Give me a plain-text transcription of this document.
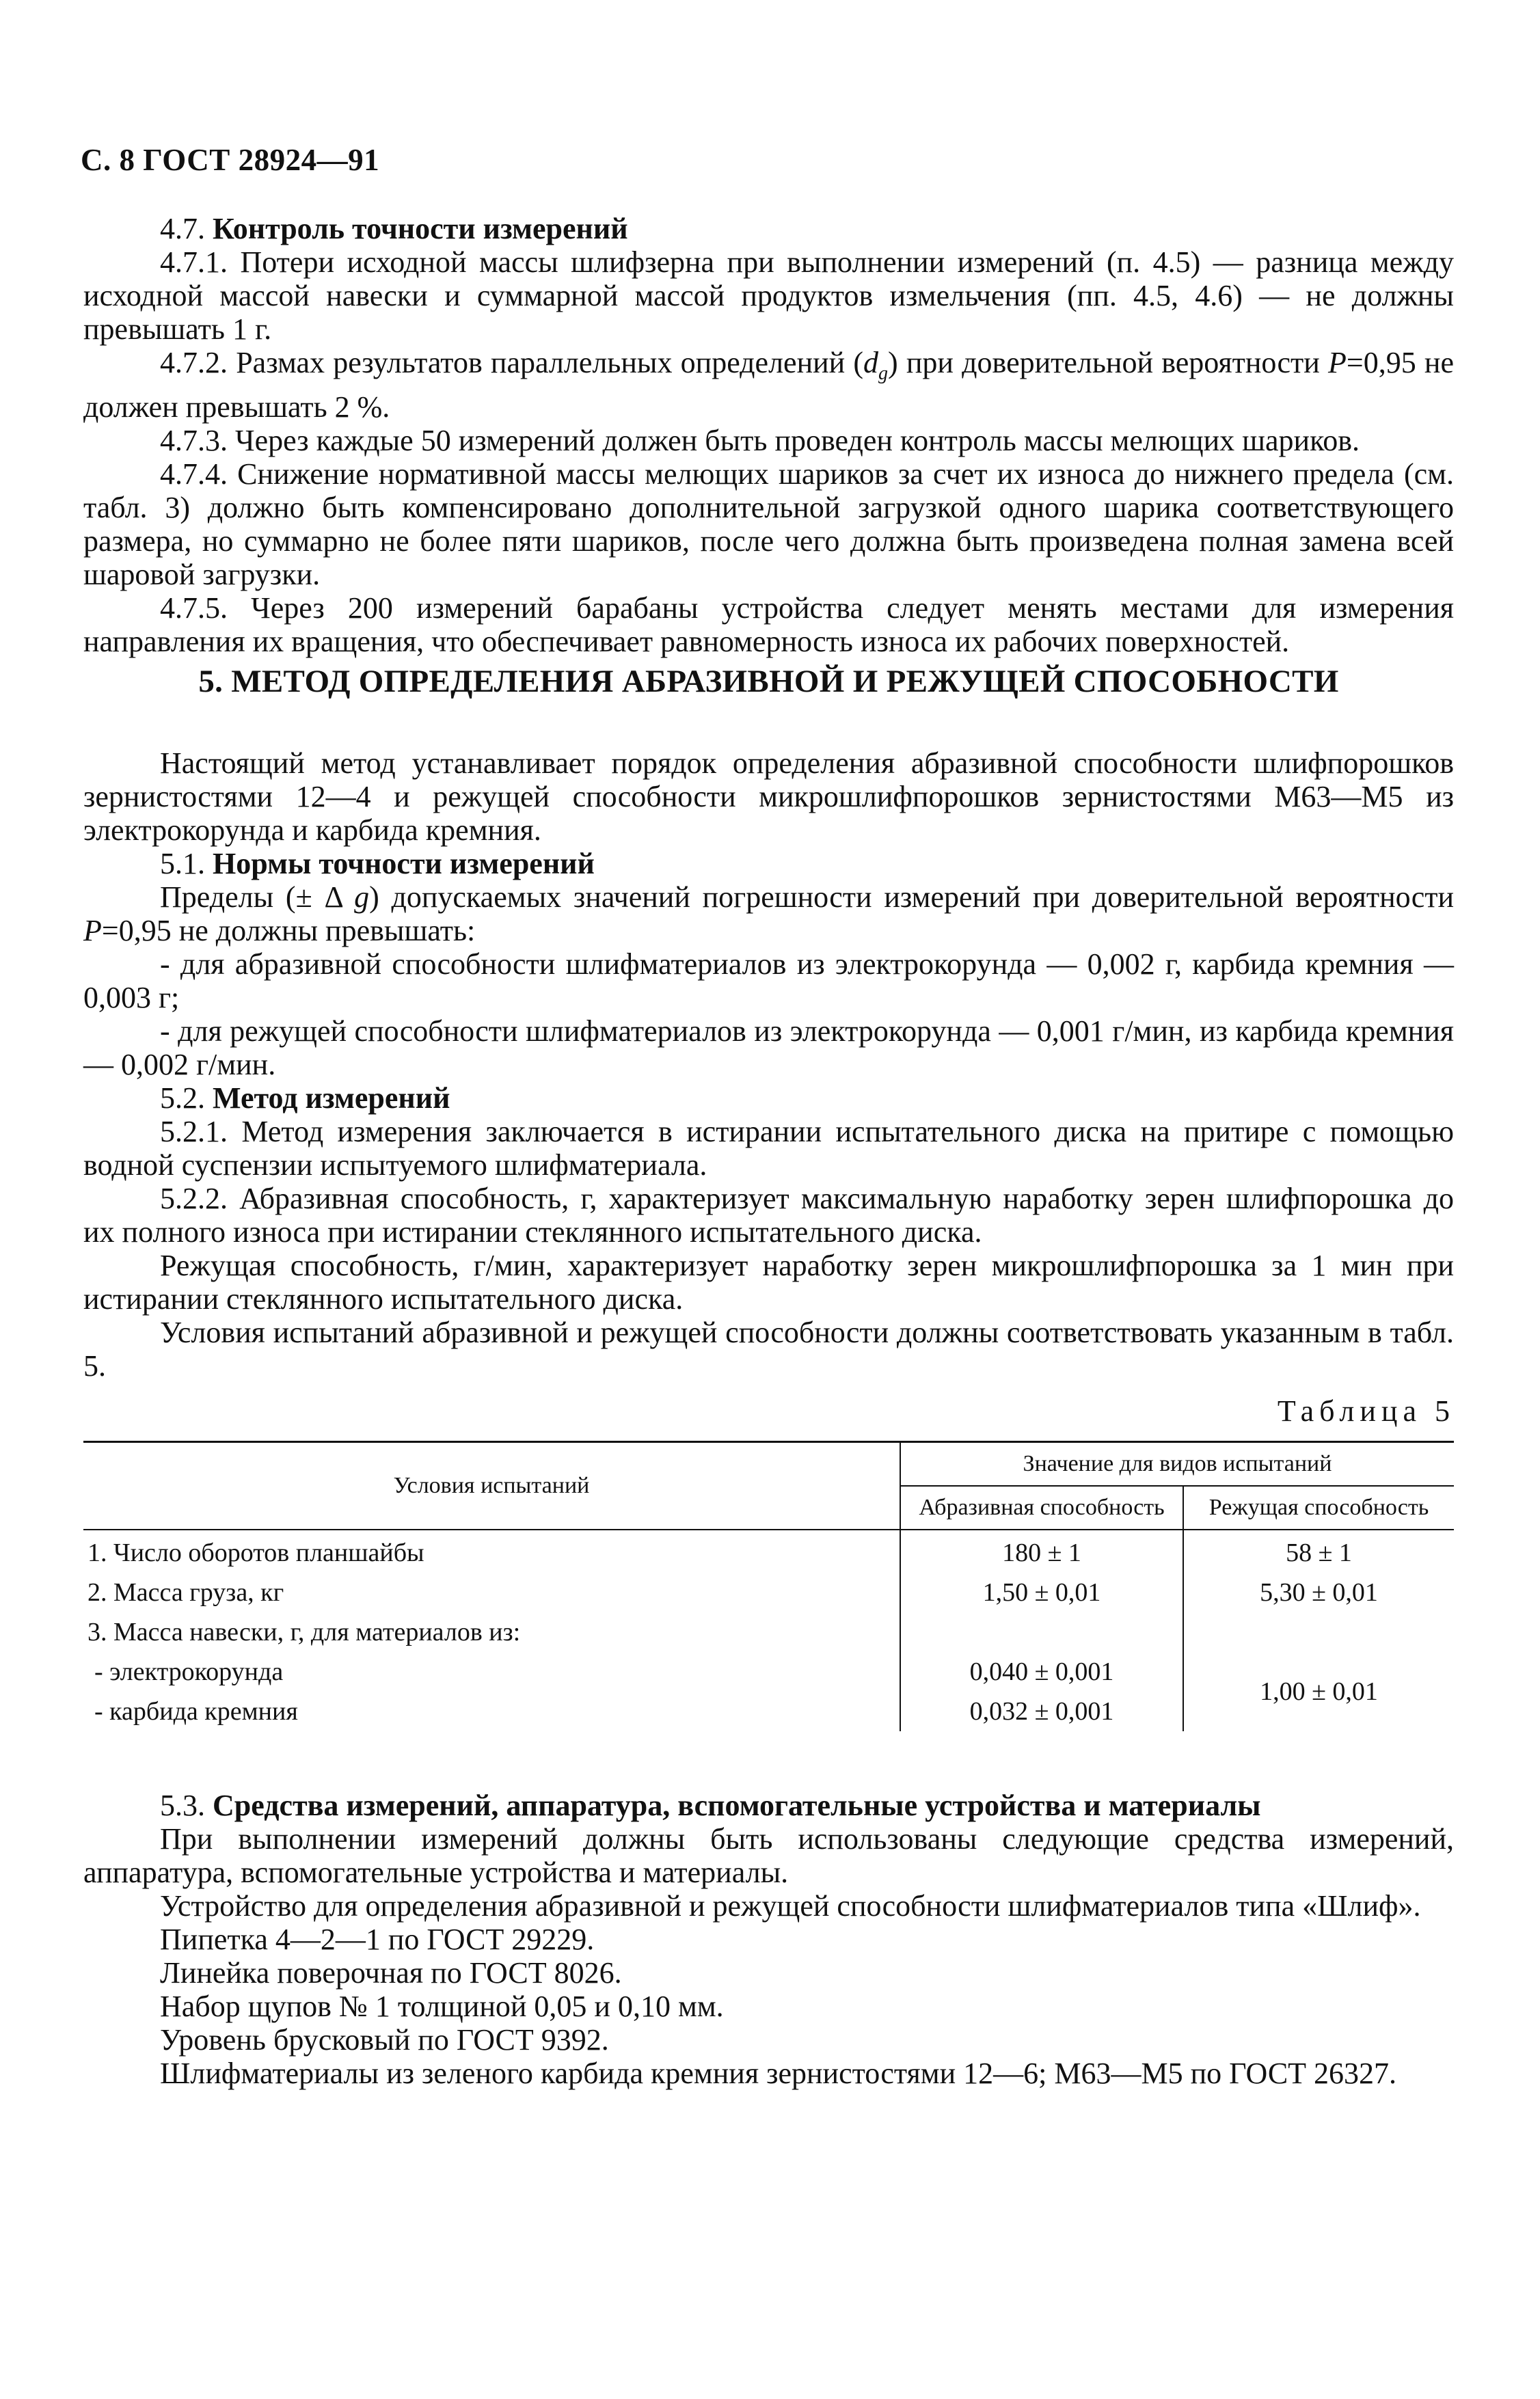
С. 8 ГОСТ 28924—91

4.7. Контроль точности измерений

4.7.1. Потери исходной массы шлифзерна при выполнении измерений (п. 4.5) — разница между исходной массой навески и суммарной массой продуктов измельчения (пп. 4.5, 4.6) — не должны превышать 1 г.

4.7.2. Размах результатов параллельных определений $(d_g)$ при доверительной вероятности P=0,95 не должен превышать 2 %.

4.7.3. Через каждые 50 измерений должен быть проведен контроль массы мелющих шариков.

4.7.4. Снижение нормативной массы мелющих шариков за счет их износа до нижнего предела (см. табл. 3) должно быть компенсировано дополнительной загрузкой одного шарика соответствующего размера, но суммарно не более пяти шариков, после чего должна быть произведена полная замена всей шаровой загрузки.

4.7.5. Через 200 измерений барабаны устройства следует менять местами для измерения направления их вращения, что обеспечивает равномерность износа их рабочих поверхностей.

5. МЕТОД ОПРЕДЕЛЕНИЯ АБРАЗИВНОЙ И РЕЖУЩЕЙ СПОСОБНОСТИ

Настоящий метод устанавливает порядок определения абразивной способности шлифпорошков зернистостями 12—4 и режущей способности микрошлифпорошков зернистостями М63—М5 из электрокорунда и карбида кремния.

5.1. Нормы точности измерений

Пределы (± Δ g) допускаемых значений погрешности измерений при доверительной вероятности P=0,95 не должны превышать:

- для абразивной способности шлифматериалов из электрокорунда — 0,002 г, карбида кремния — 0,003 г;

- для режущей способности шлифматериалов из электрокорунда — 0,001 г/мин, из карбида кремния — 0,002 г/мин.

5.2. Метод измерений

5.2.1. Метод измерения заключается в истирании испытательного диска на притире с помощью водной суспензии испытуемого шлифматериала.

5.2.2. Абразивная способность, г, характеризует максимальную наработку зерен шлифпорошка до их полного износа при истирании стеклянного испытательного диска.

Режущая способность, г/мин, характеризует наработку зерен микрошлифпорошка за 1 мин при истирании стеклянного испытательного диска.

Условия испытаний абразивной и режущей способности должны соответствовать указанным в табл. 5.

Таблица 5
Условия испытаний	Значение для видов испытаний	
	Абразивная способность	Режущая способность
1. Число оборотов планшайбы	180 ± 1	58 ± 1
2. Масса груза, кг	1,50 ± 0,01	5,30 ± 0,01
3. Масса навески, г, для материалов из:		
- электрокорунда	0,040 ± 0,001	1,00 ± 0,01
- карбида кремния	0,032 ± 0,001	

5.3. Средства измерений, аппаратура, вспомогательные устройства и материалы

При выполнении измерений должны быть использованы следующие средства измерений, аппаратура, вспомогательные устройства и материалы.

Устройство для определения абразивной и режущей способности шлифматериалов типа «Шлиф».

Пипетка 4—2—1 по ГОСТ 29229.

Линейка поверочная по ГОСТ 8026.

Набор щупов № 1 толщиной 0,05 и 0,10 мм.

Уровень брусковый по ГОСТ 9392.

Шлифматериалы из зеленого карбида кремния зернистостями 12—6; М63—М5 по ГОСТ 26327.
